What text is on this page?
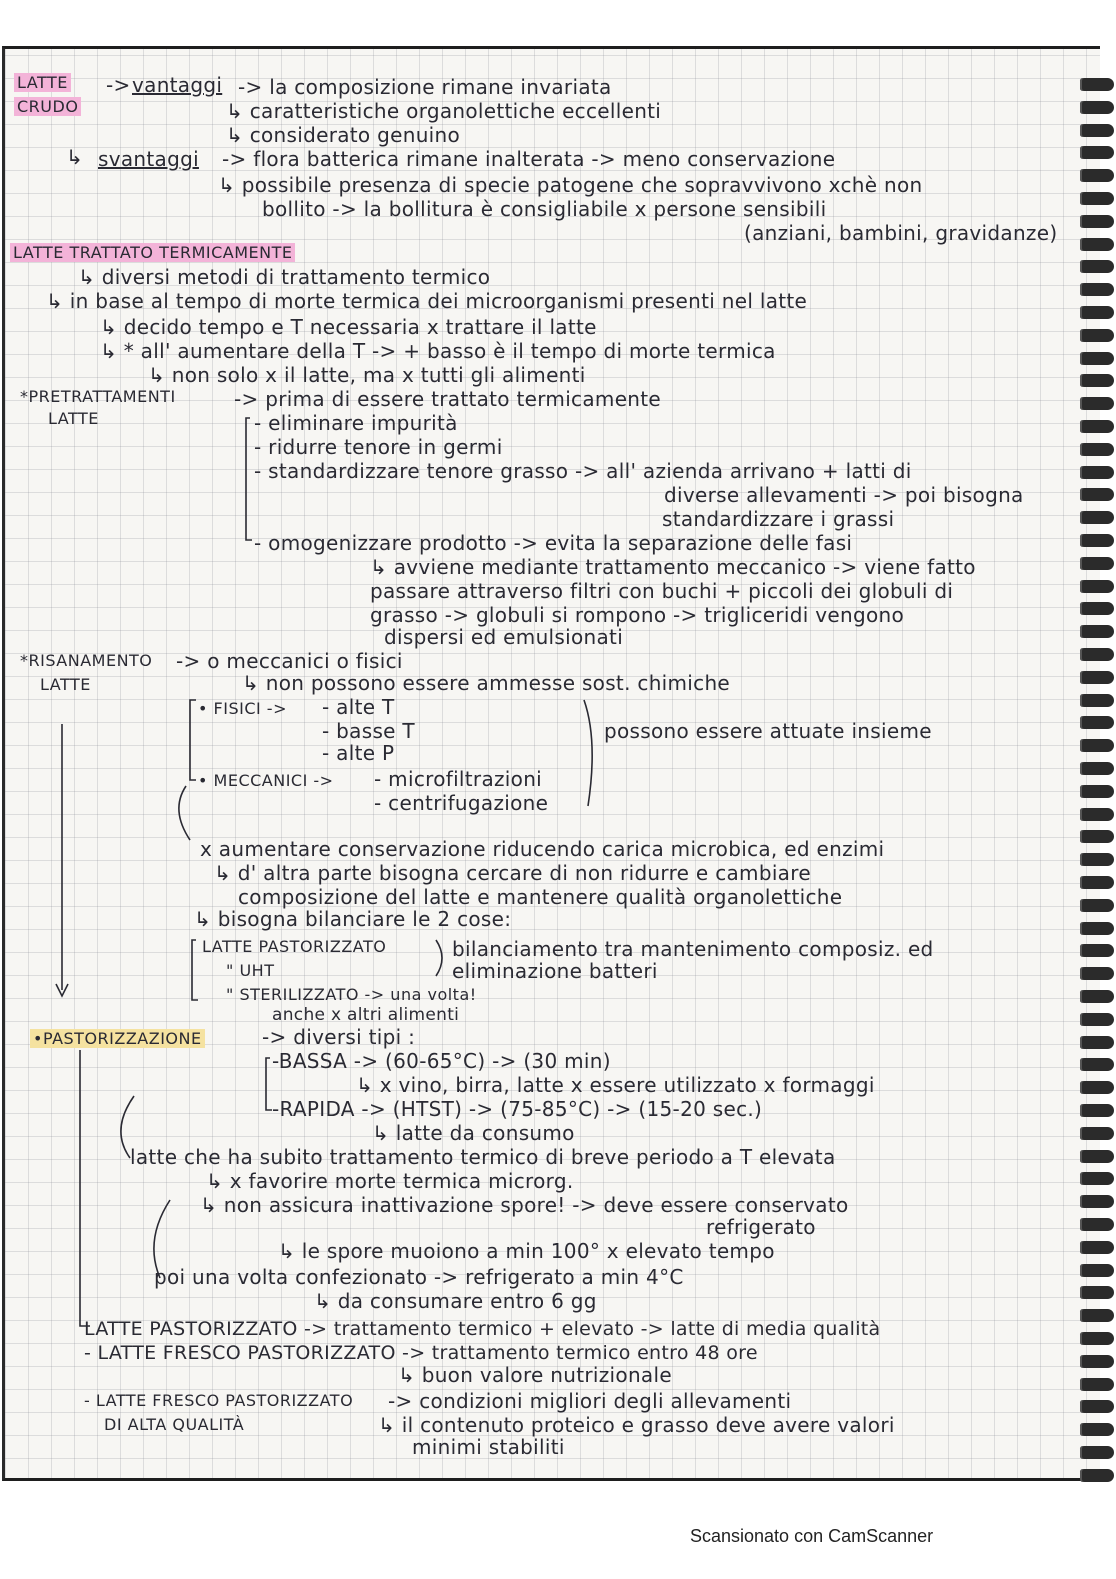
LATTE
CRUDO
-> vantaggi -> la composizione rimane invariata
↳ caratteristiche organolettiche eccellenti
↳ considerato genuino
↳ svantaggi -> flora batterica rimane inalterata -> meno conservazione
↳ possibile presenza di specie patogene che sopravvivono xchè non
bollito -> la bollitura è consigliabile x persone sensibili
(anziani, bambini, gravidanze)
LATTE TRATTATO TERMICAMENTE
↳ diversi metodi di trattamento termico
↳ in base al tempo di morte termica dei microorganismi presenti nel latte
↳ decido tempo e T necessaria x trattare il latte
↳ * all' aumentare della T -> + basso è il tempo di morte termica
↳ non solo x il latte, ma x tutti gli alimenti
*PRETRATTAMENTI
LATTE
-> prima di essere trattato termicamente
- eliminare impurità
- ridurre tenore in germi
- standardizzare tenore grasso -> all' azienda arrivano + latti di
diverse allevamenti -> poi bisogna
standardizzare i grassi
- omogenizzare prodotto -> evita la separazione delle fasi
↳ avviene mediante trattamento meccanico -> viene fatto
passare attraverso filtri con buchi + piccoli dei globuli di
grasso -> globuli si rompono -> trigliceridi vengono
dispersi ed emulsionati
*RISANAMENTO
LATTE
-> o meccanici o fisici
↳ non possono essere ammesse sost. chimiche
• FISICI -> - alte T
- basse T
- alte P
• MECCANICI -> - microfiltrazioni
- centrifugazione
possono essere attuate insieme
x aumentare conservazione riducendo carica microbica, ed enzimi
↳ d' altra parte bisogna cercare di non ridurre e cambiare
composizione del latte e mantenere qualità organolettiche
↳ bisogna bilanciare le 2 cose:
LATTE PASTORIZZATO
" UHT
" STERILIZZATO -> una volta!
bilanciamento tra mantenimento composiz. ed
eliminazione batteri
anche x altri alimenti
•PASTORIZZAZIONE	-> diversi tipi :
-BASSA -> (60-65°C) -> (30 min)
↳ x vino, birra, latte x essere utilizzato x formaggi
-RAPIDA -> (HTST) -> (75-85°C) -> (15-20 sec.)
↳ latte da consumo
latte che ha subito trattamento termico di breve periodo a T elevata
↳ x favorire morte termica microrg.
↳ non assicura inattivazione spore! -> deve essere conservato
refrigerato
↳ le spore muoiono a min 100° x elevato tempo
poi una volta confezionato -> refrigerato a min 4°C
↳ da consumare entro 6 gg
LATTE PASTORIZZATO -> trattamento termico + elevato -> latte di media qualità
- LATTE FRESCO PASTORIZZATO -> trattamento termico entro 48 ore
↳ buon valore nutrizionale
- LATTE FRESCO PASTORIZZATO
DI ALTA QUALITÀ
-> condizioni migliori degli allevamenti
↳ il contenuto proteico e grasso deve avere valori
minimi stabiliti
Scansionato con CamScanner
